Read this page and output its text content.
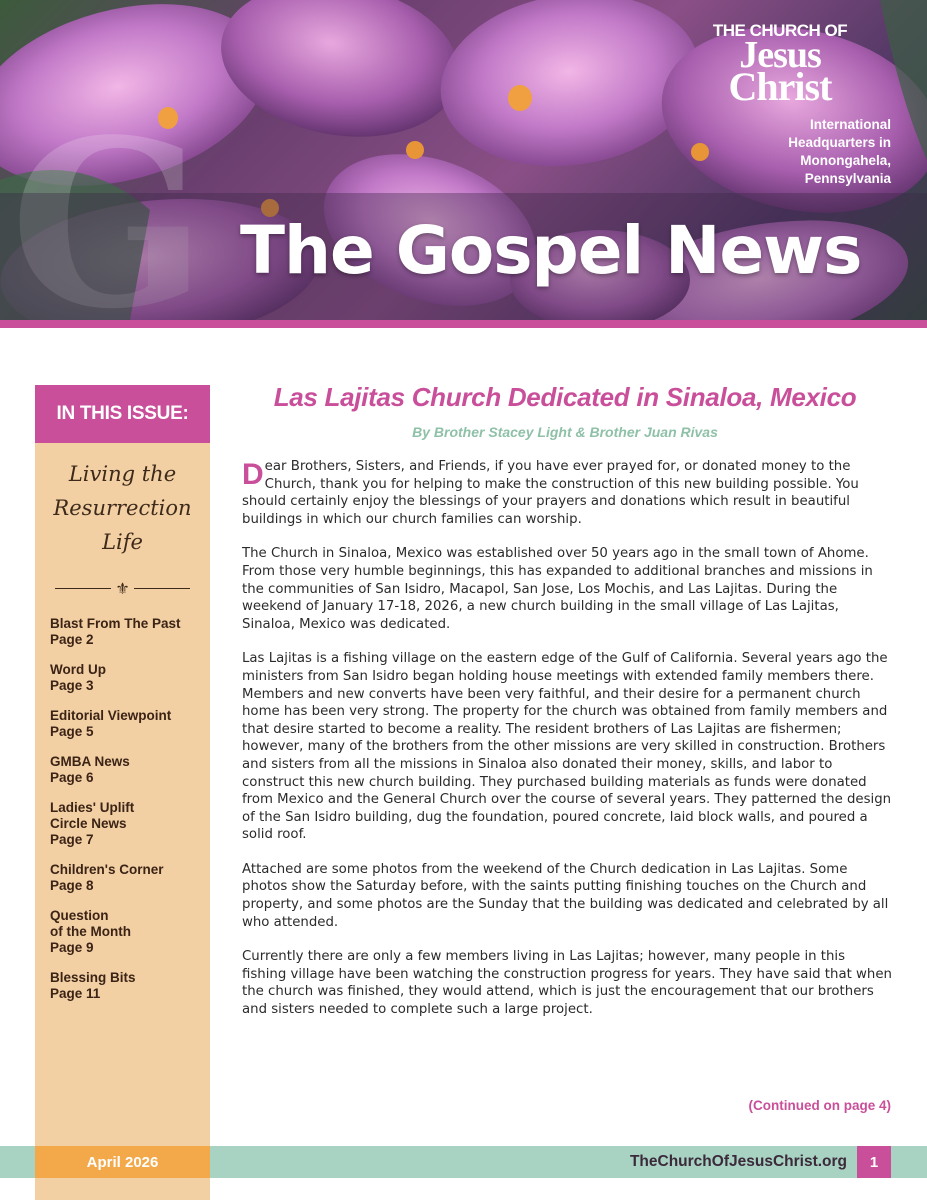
G
THE CHURCH OF
Jesus
Christ
International
Headquarters in
Monongahela,
Pennsylvania
The Gospel News
IN THIS ISSUE:
Living the
Resurrection
Life
⚜
Blast From The Past
Page 2
Word Up
Page 3
Editorial Viewpoint
Page 5
GMBA News
Page 6
Ladies' Uplift
Circle News
Page 7
Children's Corner
Page 8
Question
of the Month
Page 9
Blessing Bits
Page 11
Las Lajitas Church Dedicated in Sinaloa, Mexico
By Brother Stacey Light & Brother Juan Rivas

Dear Brothers, Sisters, and Friends, if you have ever prayed for, or donated money to the Church, thank you for helping to make the construction of this new building possible. You should certainly enjoy the blessings of your prayers and donations which result in beautiful buildings in which our church families can worship.

The Church in Sinaloa, Mexico was established over 50 years ago in the small town of Ahome. From those very humble beginnings, this has expanded to additional branches and missions in the communities of San Isidro, Macapol, San Jose, Los Mochis, and Las Lajitas. During the weekend of January 17-18, 2026, a new church building in the small village of Las Lajitas, Sinaloa, Mexico was dedicated.

Las Lajitas is a fishing village on the eastern edge of the Gulf of California. Several years ago the ministers from San Isidro began holding house meetings with extended family members there. Members and new converts have been very faithful, and their desire for a permanent church home has been very strong. The property for the church was obtained from family members and that desire started to become a reality. The resident brothers of Las Lajitas are fishermen; however, many of the brothers from the other missions are very skilled in construction. Brothers and sisters from all the missions in Sinaloa also donated their money, skills, and labor to construct this new church building. They purchased building materials as funds were donated from Mexico and the General Church over the course of several years. They patterned the design of the San Isidro building, dug the foundation, poured concrete, laid block walls, and poured a solid roof.

Attached are some photos from the weekend of the Church dedication in Las Lajitas. Some photos show the Saturday before, with the saints putting finishing touches on the Church and property, and some photos are the Sunday that the building was dedicated and celebrated by all who attended.

Currently there are only a few members living in Las Lajitas; however, many people in this fishing village have been watching the construction progress for years. They have said that when the church was finished, they would attend, which is just the encouragement that our brothers and sisters needed to complete such a large project.

(Continued on page 4)
April 2026	TheChurchOfJesusChrist.org	1
